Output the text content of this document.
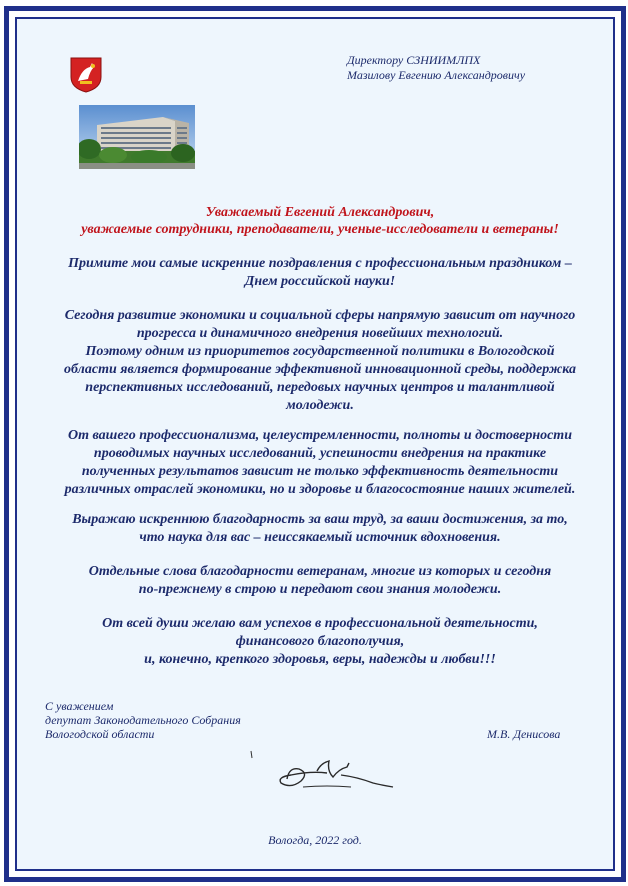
Директору СЗНИИМЛПХ
Мазилову Евгению Александровичу
Уважаемый Евгений Александрович,
уважаемые сотрудники, преподаватели, ученые-исследователи и ветераны!
Примите мои самые искренние поздравления с профессиональным праздником –
Днем российской науки!
Сегодня развитие экономики и социальной сферы напрямую зависит от научного
прогресса и динамичного внедрения новейших технологий.
Поэтому одним из приоритетов государственной политики в Вологодской
области является формирование эффективной инновационной среды, поддержка
перспективных исследований, передовых научных центров и талантливой
молодежи.
От вашего профессионализма, целеустремленности, полноты и достоверности
проводимых научных исследований, успешности внедрения на практике
полученных результатов зависит не только эффективность деятельности
различных отраслей экономики, но и здоровье и благосостояние наших жителей.
Выражаю искреннюю благодарность за ваш труд, за ваши достижения, за то,
что наука для вас – неиссякаемый источник вдохновения.
Отдельные слова благодарности ветеранам, многие из которых и сегодня
по-прежнему в строю и передают свои знания молодежи.
От всей души желаю вам успехов в профессиональной деятельности,
финансового благополучия,
и, конечно, крепкого здоровья, веры, надежды и любви!!!
С уважением
депутат Законодательного Собрания
Вологодской области	М.В. Денисова
Вологда, 2022 год.
